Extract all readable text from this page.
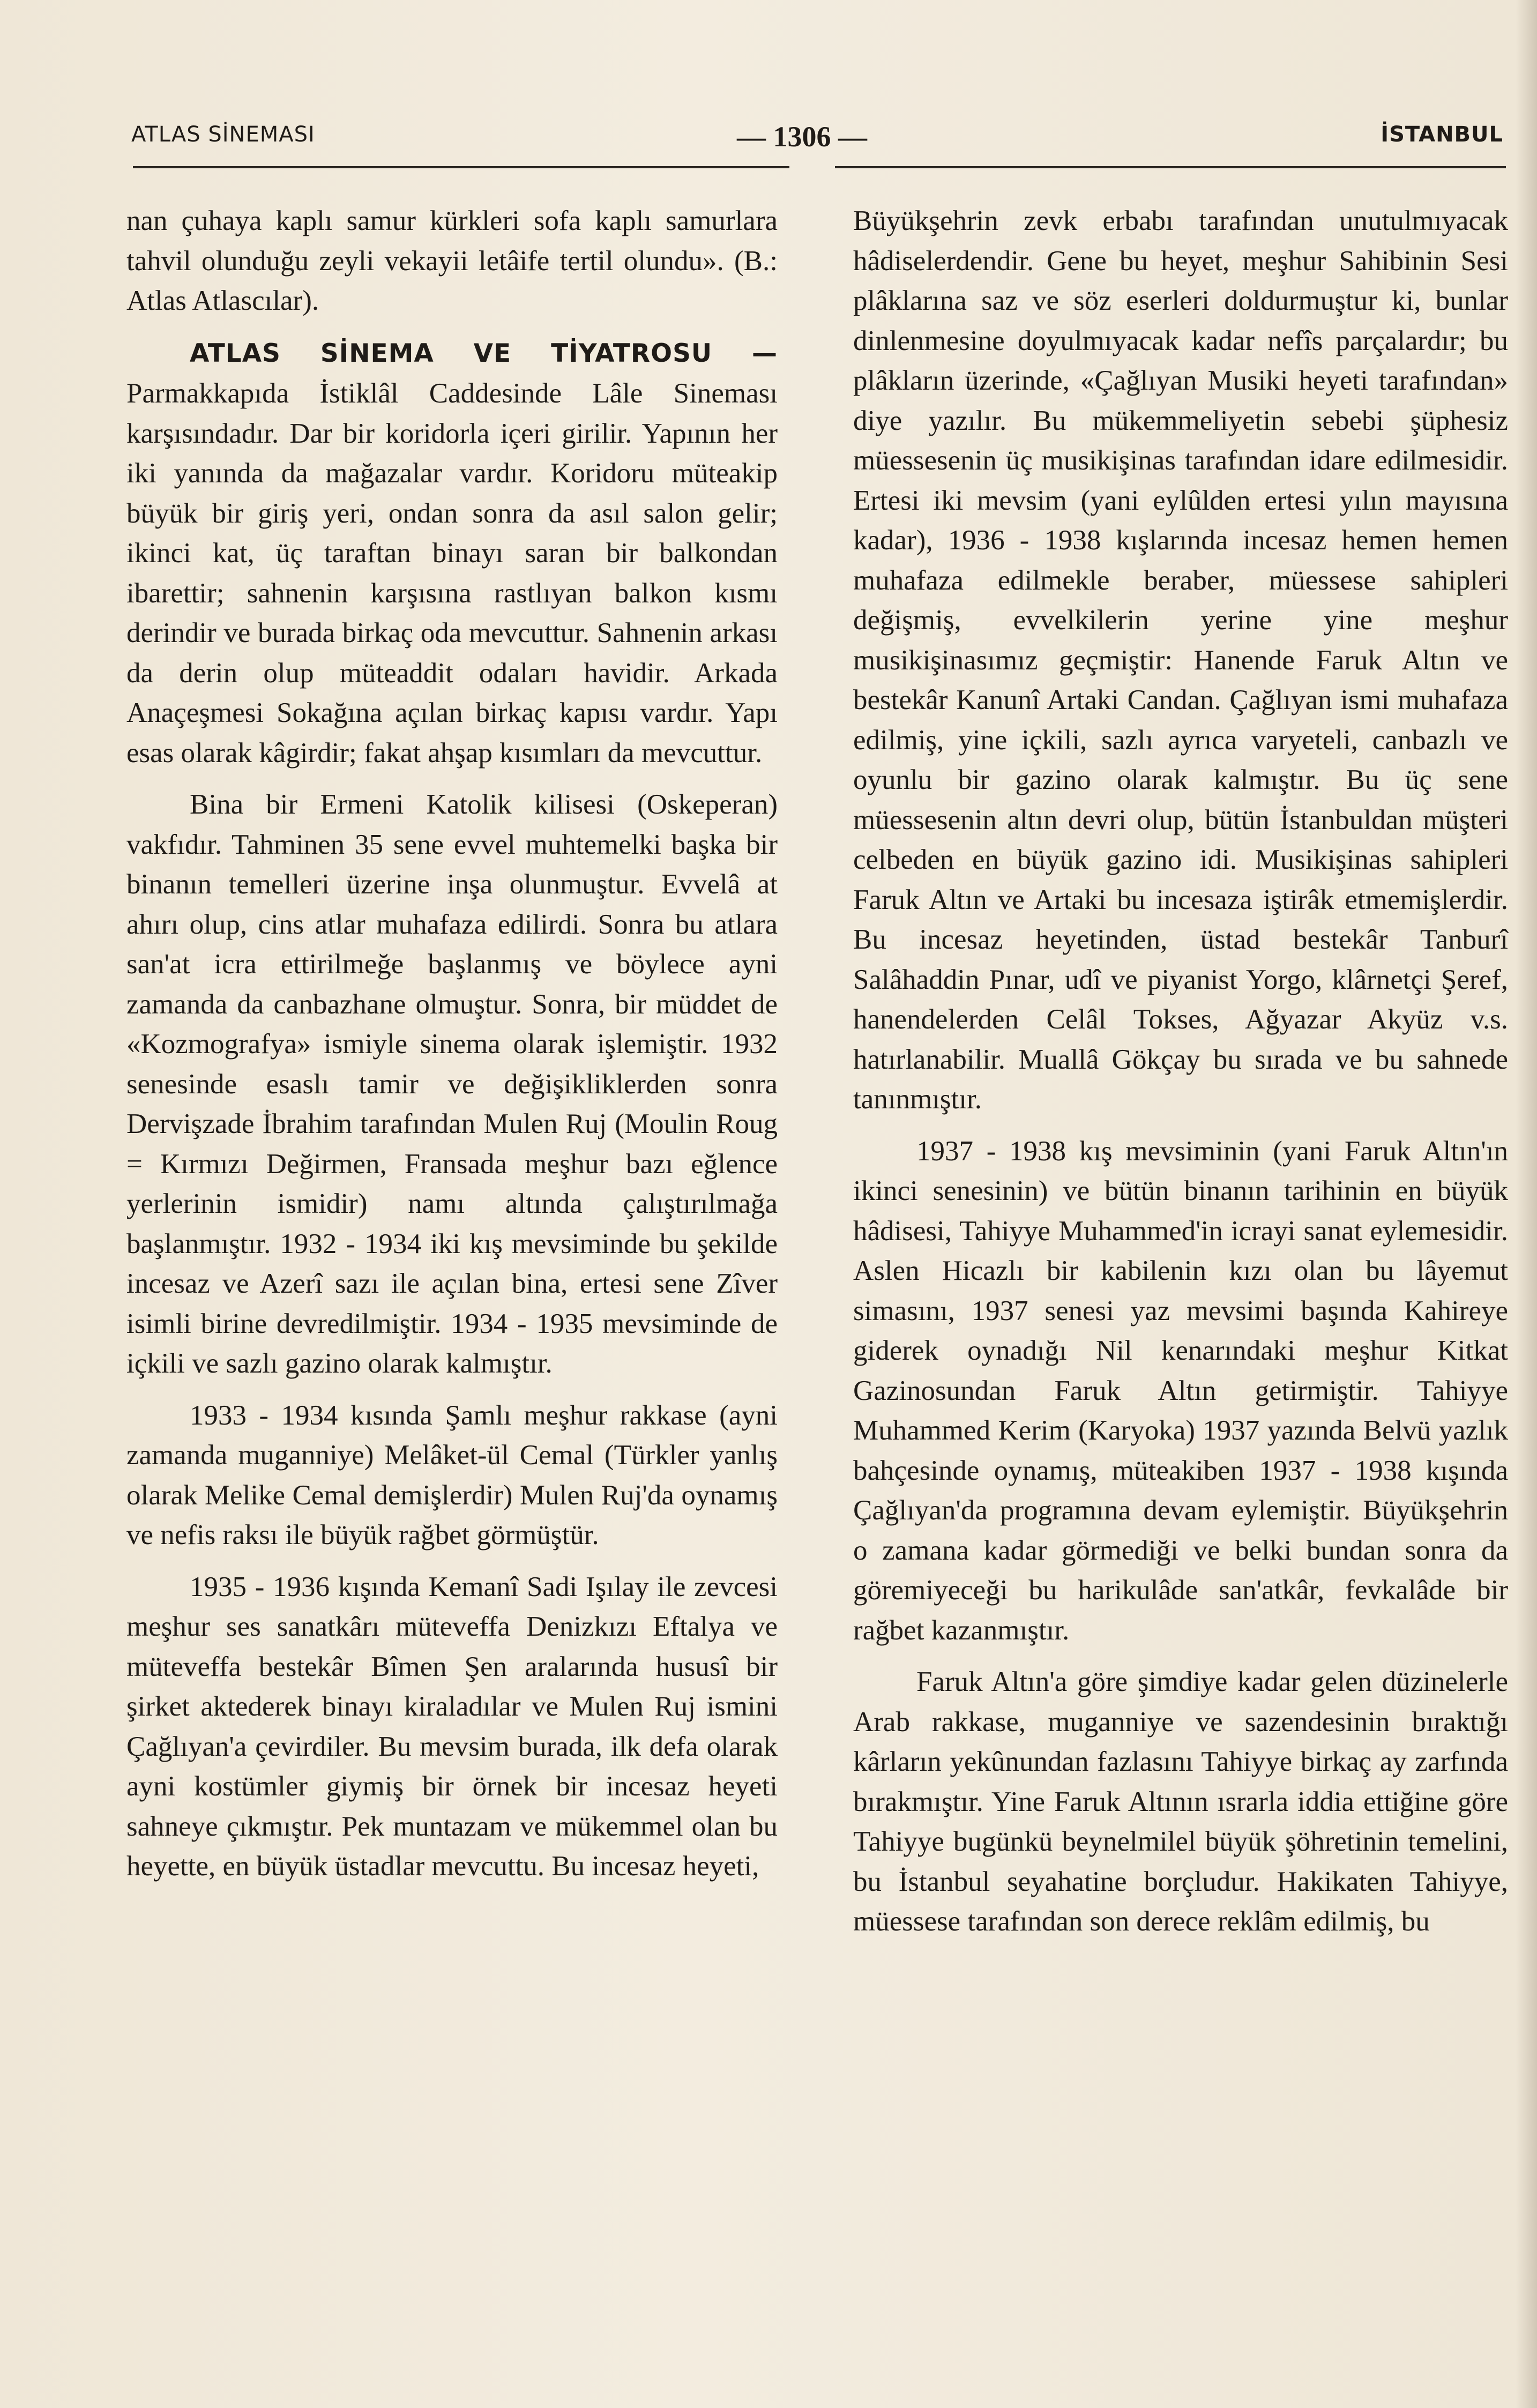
ATLAS SİNEMASI	— 1306 —	İSTANBUL

nan çuhaya kaplı samur kürkleri sofa kaplı samurlara tahvil olunduğu zeyli vekayii letâife tertil olundu». (B.: Atlas Atlascılar).

ATLAS SİNEMA VE TİYATROSU — Parmakkapıda İstiklâl Caddesinde Lâle Sineması karşısındadır. Dar bir koridorla içeri girilir. Yapının her iki yanında da mağazalar vardır. Koridoru müteakip büyük bir giriş yeri, ondan sonra da asıl salon gelir; ikinci kat, üç taraftan binayı saran bir balkondan ibarettir; sahnenin karşısına rastlıyan balkon kısmı derindir ve burada birkaç oda mevcuttur. Sahnenin arkası da derin olup müteaddit odaları havidir. Arkada Anaçeşmesi Sokağına açılan birkaç kapısı vardır. Yapı esas olarak kâgirdir; fakat ahşap kısımları da mevcuttur.

Bina bir Ermeni Katolik kilisesi (Oskeperan) vakfıdır. Tahminen 35 sene evvel muhtemelki başka bir binanın temelleri üzerine inşa olunmuştur. Evvelâ at ahırı olup, cins atlar muhafaza edilirdi. Sonra bu atlara san'at icra ettirilmeğe başlanmış ve böylece ayni zamanda da canbazhane olmuştur. Sonra, bir müddet de «Kozmografya» ismiyle sinema olarak işlemiştir. 1932 senesinde esaslı tamir ve değişikliklerden sonra Dervişzade İbrahim tarafından Mulen Ruj (Moulin Roug = Kırmızı Değirmen, Fransada meşhur bazı eğlence yerlerinin ismidir) namı altında çalıştırılmağa başlanmıştır. 1932 - 1934 iki kış mevsiminde bu şekilde incesaz ve Azerî sazı ile açılan bina, ertesi sene Zîver isimli birine devredilmiştir. 1934 - 1935 mevsiminde de içkili ve sazlı gazino olarak kalmıştır.

1933 - 1934 kısında Şamlı meşhur rakkase (ayni zamanda muganniye) Melâket-ül Cemal (Türkler yanlış olarak Melike Cemal demişlerdir) Mulen Ruj'da oynamış ve nefis raksı ile büyük rağbet görmüştür.

1935 - 1936 kışında Kemanî Sadi Işılay ile zevcesi meşhur ses sanatkârı müteveffa Denizkızı Eftalya ve müteveffa bestekâr Bîmen Şen aralarında hususî bir şirket aktederek binayı kiraladılar ve Mulen Ruj ismini Çağlıyan'a çevirdiler. Bu mevsim burada, ilk defa olarak ayni kostümler giymiş bir örnek bir incesaz heyeti sahneye çıkmıştır. Pek muntazam ve mükemmel olan bu heyette, en büyük üstadlar mevcuttu. Bu incesaz heyeti,

Büyükşehrin zevk erbabı tarafından unutulmıyacak hâdiselerdendir. Gene bu heyet, meşhur Sahibinin Sesi plâklarına saz ve söz eserleri doldurmuştur ki, bunlar dinlenmesine doyulmıyacak kadar nefîs parçalardır; bu plâkların üzerinde, «Çağlıyan Musiki heyeti tarafından» diye yazılır. Bu mükemmeliyetin sebebi şüphesiz müessesenin üç musikişinas tarafından idare edilmesidir. Ertesi iki mevsim (yani eylûlden ertesi yılın mayısına kadar), 1936 - 1938 kışlarında incesaz hemen hemen muhafaza edilmekle beraber, müessese sahipleri değişmiş, evvelkilerin yerine yine meşhur musikişinasımız geçmiştir: Hanende Faruk Altın ve bestekâr Kanunî Artaki Candan. Çağlıyan ismi muhafaza edilmiş, yine içkili, sazlı ayrıca varyeteli, canbazlı ve oyunlu bir gazino olarak kalmıştır. Bu üç sene müessesenin altın devri olup, bütün İstanbuldan müşteri celbeden en büyük gazino idi. Musikişinas sahipleri Faruk Altın ve Artaki bu incesaza iştirâk etmemişlerdir. Bu incesaz heyetinden, üstad bestekâr Tanburî Salâhaddin Pınar, udî ve piyanist Yorgo, klârnetçi Şeref, hanendelerden Celâl Tokses, Ağyazar Akyüz v.s. hatırlanabilir. Muallâ Gökçay bu sırada ve bu sahnede tanınmıştır.

1937 - 1938 kış mevsiminin (yani Faruk Altın'ın ikinci senesinin) ve bütün binanın tarihinin en büyük hâdisesi, Tahiyye Muhammed'in icrayi sanat eylemesidir. Aslen Hicazlı bir kabilenin kızı olan bu lâyemut simasını, 1937 senesi yaz mevsimi başında Kahireye giderek oynadığı Nil kenarındaki meşhur Kitkat Gazinosundan Faruk Altın getirmiştir. Tahiyye Muhammed Kerim (Karyoka) 1937 yazında Belvü yazlık bahçesinde oynamış, müteakiben 1937 - 1938 kışında Çağlıyan'da programına devam eylemiştir. Büyükşehrin o zamana kadar görmediği ve belki bundan sonra da göremiyeceği bu harikulâde san'atkâr, fevkalâde bir rağbet kazanmıştır.

Faruk Altın'a göre şimdiye kadar gelen düzinelerle Arab rakkase, muganniye ve sazendesinin bıraktığı kârların yekûnundan fazlasını Tahiyye birkaç ay zarfında bırakmıştır. Yine Faruk Altının ısrarla iddia ettiğine göre Tahiyye bugünkü beynelmilel büyük şöhretinin temelini, bu İstanbul seyahatine borçludur. Hakikaten Tahiyye, müessese tarafından son derece reklâm edilmiş, bu
